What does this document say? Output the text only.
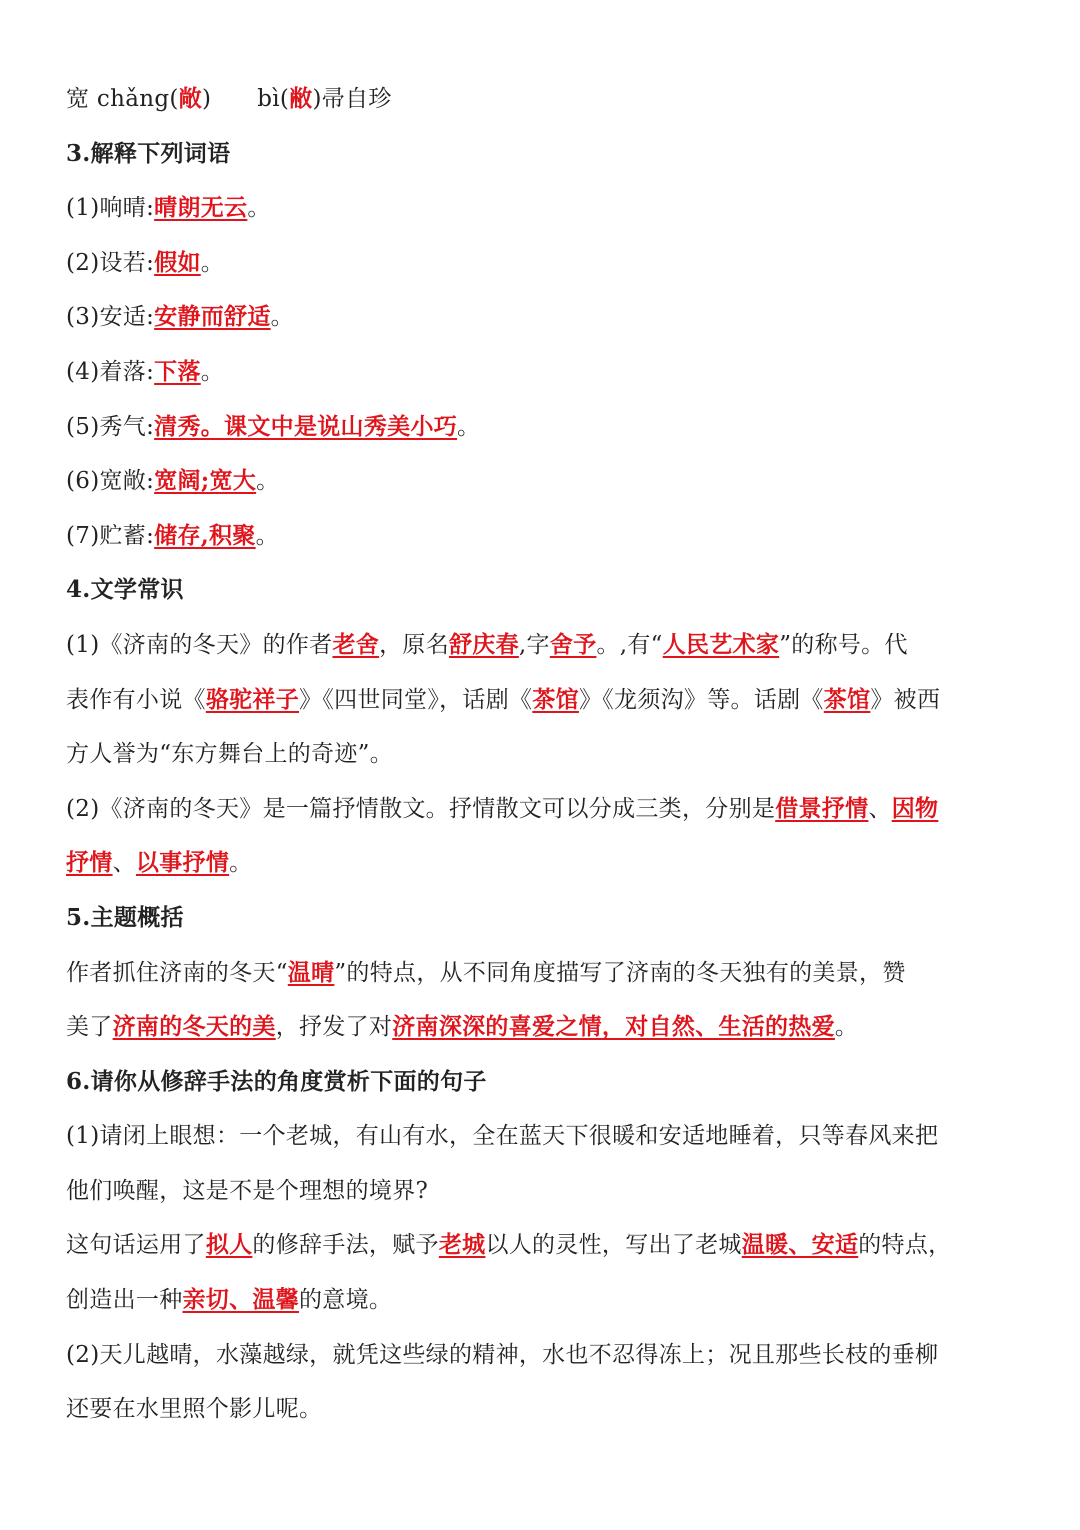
宽 chǎng(敞) bì(敝)帚自珍
3.解释下列词语
(1)响晴:晴朗无云。
(2)设若:假如。
(3)安适:安静而舒适。
(4)着落:下落。
(5)秀气:清秀。课文中是说山秀美小巧。
(6)宽敞:宽阔;宽大。
(7)贮蓄:储存,积聚。
4.文学常识
(1)《济南的冬天》的作者老舍，原名舒庆春,字舍予。,有“人民艺术家”的称号。代
表作有小说《骆驼祥子》《四世同堂》，话剧《茶馆》《龙须沟》等。话剧《茶馆》被西
方人誉为“东方舞台上的奇迹”。
(2)《济南的冬天》是一篇抒情散文。抒情散文可以分成三类，分别是借景抒情、因物
抒情、以事抒情。
5.主题概括
作者抓住济南的冬天“温晴”的特点，从不同角度描写了济南的冬天独有的美景，赞
美了济南的冬天的美，抒发了对济南深深的喜爱之情，对自然、生活的热爱。
6.请你从修辞手法的角度赏析下面的句子
(1)请闭上眼想：一个老城，有山有水，全在蓝天下很暖和安适地睡着，只等春风来把
他们唤醒，这是不是个理想的境界?
这句话运用了拟人的修辞手法，赋予老城以人的灵性，写出了老城温暖、安适的特点，
创造出一种亲切、温馨的意境。
(2)天儿越晴，水藻越绿，就凭这些绿的精神，水也不忍得冻上；况且那些长枝的垂柳
还要在水里照个影儿呢。
